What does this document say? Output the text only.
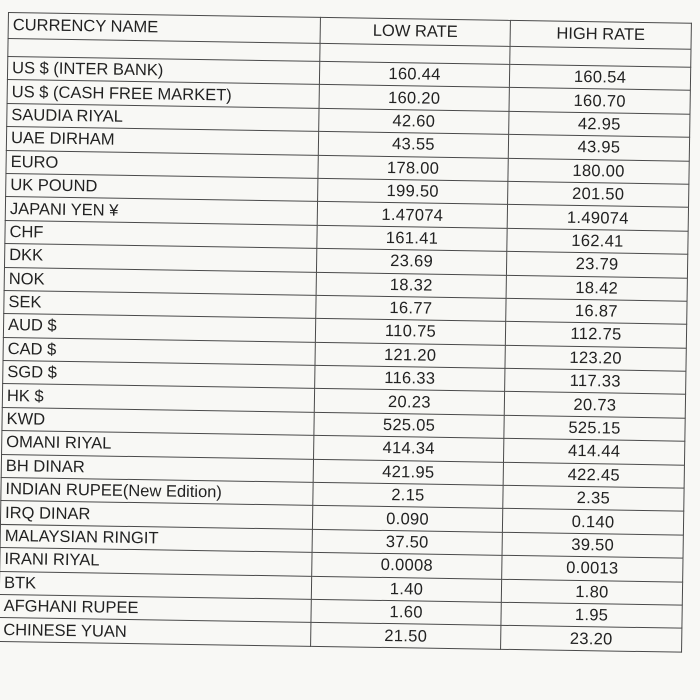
CURRENCY NAME	LOW RATE	HIGH RATE

US $ (INTER BANK)	160.44	160.54
US $ (CASH FREE MARKET)	160.20	160.70
SAUDIA RIYAL	42.60	42.95
UAE DIRHAM	43.55	43.95
EURO	178.00	180.00
UK POUND	199.50	201.50
JAPANI YEN ¥	1.47074	1.49074
CHF	161.41	162.41
DKK	23.69	23.79
NOK	18.32	18.42
SEK	16.77	16.87
AUD $	110.75	112.75
CAD $	121.20	123.20
SGD $	116.33	117.33
HK $	20.23	20.73
KWD	525.05	525.15
OMANI RIYAL	414.34	414.44
BH DINAR	421.95	422.45
INDIAN RUPEE(New Edition)	2.15	2.35
IRQ DINAR	0.090	0.140
MALAYSIAN RINGIT	37.50	39.50
IRANI RIYAL	0.0008	0.0013
BTK	1.40	1.80
AFGHANI RUPEE	1.60	1.95
CHINESE YUAN	21.50	23.20
